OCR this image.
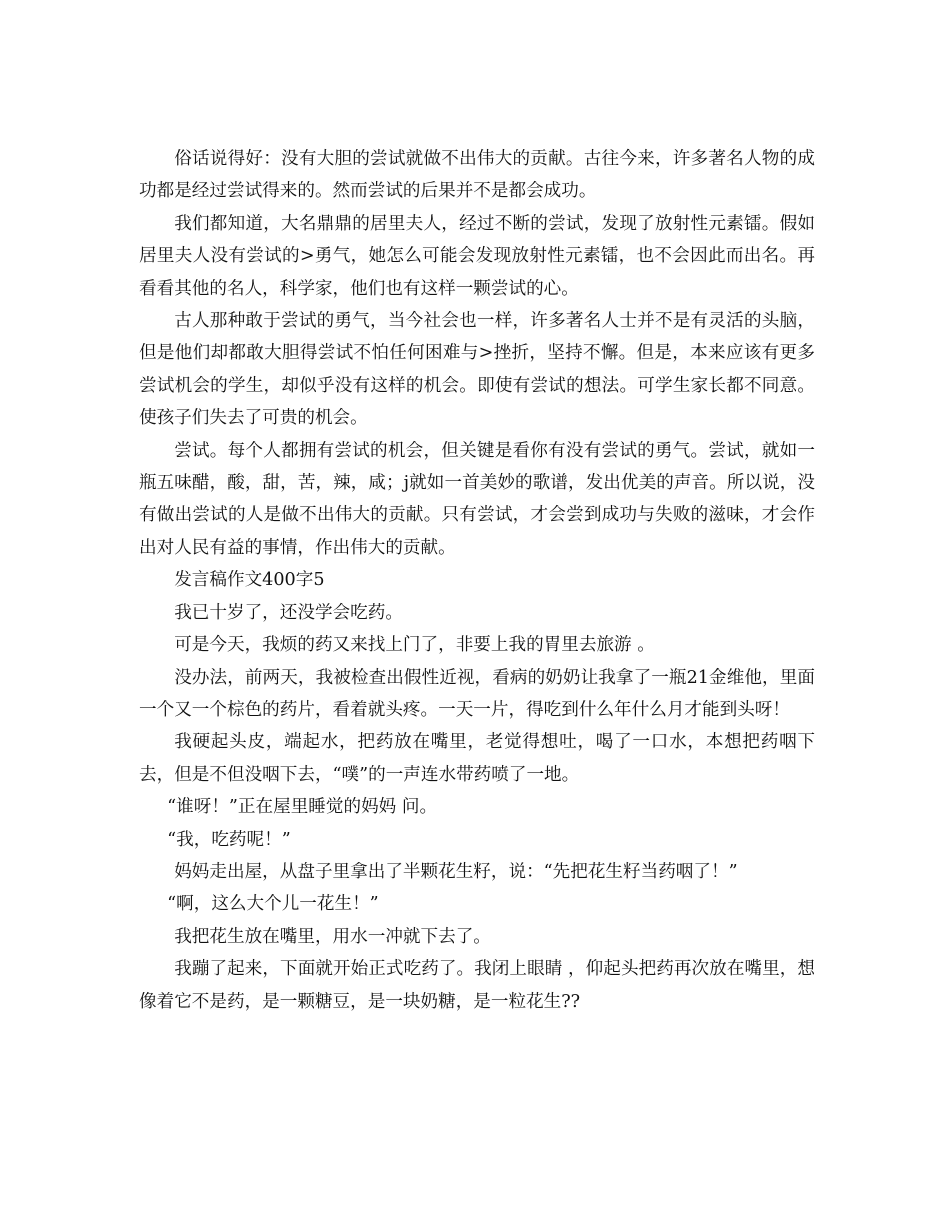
俗话说得好：没有大胆的尝试就做不出伟大的贡献。古往今来，许多著名人物的成功都是经过尝试得来的。然而尝试的后果并不是都会成功。

我们都知道，大名鼎鼎的居里夫人，经过不断的尝试，发现了放射性元素镭。假如居里夫人没有尝试的>勇气，她怎么可能会发现放射性元素镭，也不会因此而出名。再看看其他的名人，科学家，他们也有这样一颗尝试的心。

古人那种敢于尝试的勇气，当今社会也一样，许多著名人士并不是有灵活的头脑，但是他们却都敢大胆得尝试不怕任何困难与>挫折，坚持不懈。但是，本来应该有更多尝试机会的学生，却似乎没有这样的机会。即使有尝试的想法。可学生家长都不同意。使孩子们失去了可贵的机会。

尝试。每个人都拥有尝试的机会，但关键是看你有没有尝试的勇气。尝试，就如一瓶五味醋，酸，甜，苦，辣，咸；j就如一首美妙的歌谱，发出优美的声音。所以说，没有做出尝试的人是做不出伟大的贡献。只有尝试，才会尝到成功与失败的滋味，才会作出对人民有益的事情，作出伟大的贡献。

发言稿作文400字5

我已十岁了，还没学会吃药。

可是今天，我烦的药又来找上门了，非要上我的胃里去旅游 。

没办法，前两天，我被检查出假性近视，看病的奶奶让我拿了一瓶21金维他，里面一个又一个棕色的药片，看着就头疼。一天一片，得吃到什么年什么月才能到头呀！

我硬起头皮，端起水，把药放在嘴里，老觉得想吐，喝了一口水，本想把药咽下去，但是不但没咽下去，“噗”的一声连水带药喷了一地。

“谁呀！”正在屋里睡觉的妈妈 问。

“我，吃药呢！”

妈妈走出屋，从盘子里拿出了半颗花生籽，说：“先把花生籽当药咽了！”

“啊，这么大个儿一花生！”

我把花生放在嘴里，用水一冲就下去了。

我蹦了起来，下面就开始正式吃药了。我闭上眼睛 ，仰起头把药再次放在嘴里，想像着它不是药，是一颗糖豆，是一块奶糖，是一粒花生??
